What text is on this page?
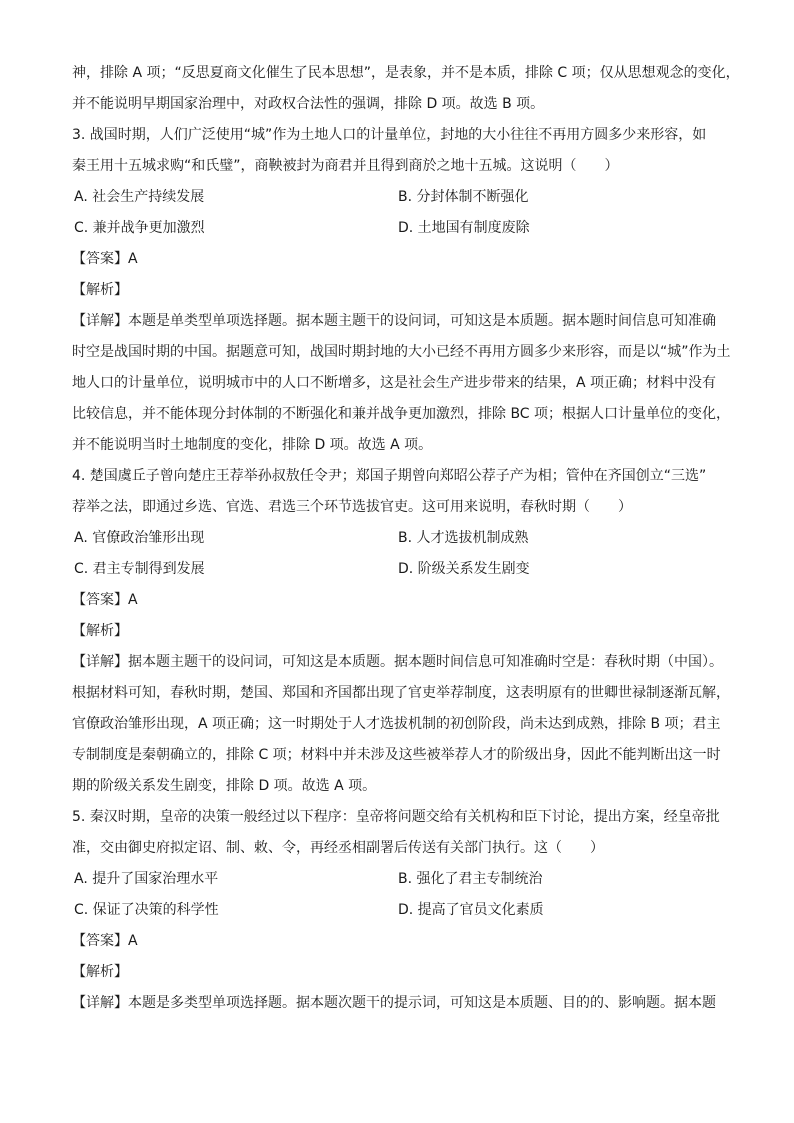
神，排除 A 项；“反思夏商文化催生了民本思想”，是表象，并不是本质，排除 C 项；仅从思想观念的变化，
并不能说明早期国家治理中，对政权合法性的强调，排除 D 项。故选 B 项。
3. 战国时期，人们广泛使用“城”作为土地人口的计量单位，封地的大小往往不再用方圆多少来形容，如
秦王用十五城求购“和氏璧”，商鞅被封为商君并且得到商於之地十五城。这说明（　　）
A. 社会生产持续发展	B. 分封体制不断强化
C. 兼并战争更加激烈	D. 土地国有制度废除
【答案】A
【解析】
【详解】本题是单类型单项选择题。据本题主题干的设问词，可知这是本质题。据本题时间信息可知准确
时空是战国时期的中国。据题意可知，战国时期封地的大小已经不再用方圆多少来形容，而是以“城”作为土
地人口的计量单位，说明城市中的人口不断增多，这是社会生产进步带来的结果，A 项正确；材料中没有
比较信息，并不能体现分封体制的不断强化和兼并战争更加激烈，排除 BC 项；根据人口计量单位的变化，
并不能说明当时土地制度的变化，排除 D 项。故选 A 项。
4. 楚国虞丘子曾向楚庄王荐举孙叔敖任令尹；郑国子期曾向郑昭公荐子产为相；管仲在齐国创立“三选”
荐举之法，即通过乡选、官选、君选三个环节选拔官吏。这可用来说明，春秋时期（　　）
A. 官僚政治雏形出现	B. 人才选拔机制成熟
C. 君主专制得到发展	D. 阶级关系发生剧变
【答案】A
【解析】
【详解】据本题主题干的设问词，可知这是本质题。据本题时间信息可知准确时空是：春秋时期（中国）。
根据材料可知，春秋时期，楚国、郑国和齐国都出现了官吏举荐制度，这表明原有的世卿世禄制逐渐瓦解，
官僚政治雏形出现，A 项正确；这一时期处于人才选拔机制的初创阶段，尚未达到成熟，排除 B 项；君主
专制制度是秦朝确立的，排除 C 项；材料中并未涉及这些被举荐人才的阶级出身，因此不能判断出这一时
期的阶级关系发生剧变，排除 D 项。故选 A 项。
5. 秦汉时期，皇帝的决策一般经过以下程序：皇帝将问题交给有关机构和臣下讨论，提出方案，经皇帝批
准，交由御史府拟定诏、制、敕、令，再经丞相副署后传送有关部门执行。这（　　）
A. 提升了国家治理水平	B. 强化了君主专制统治
C. 保证了决策的科学性	D. 提高了官员文化素质
【答案】A
【解析】
【详解】本题是多类型单项选择题。据本题次题干的提示词，可知这是本质题、目的的、影响题。据本题
